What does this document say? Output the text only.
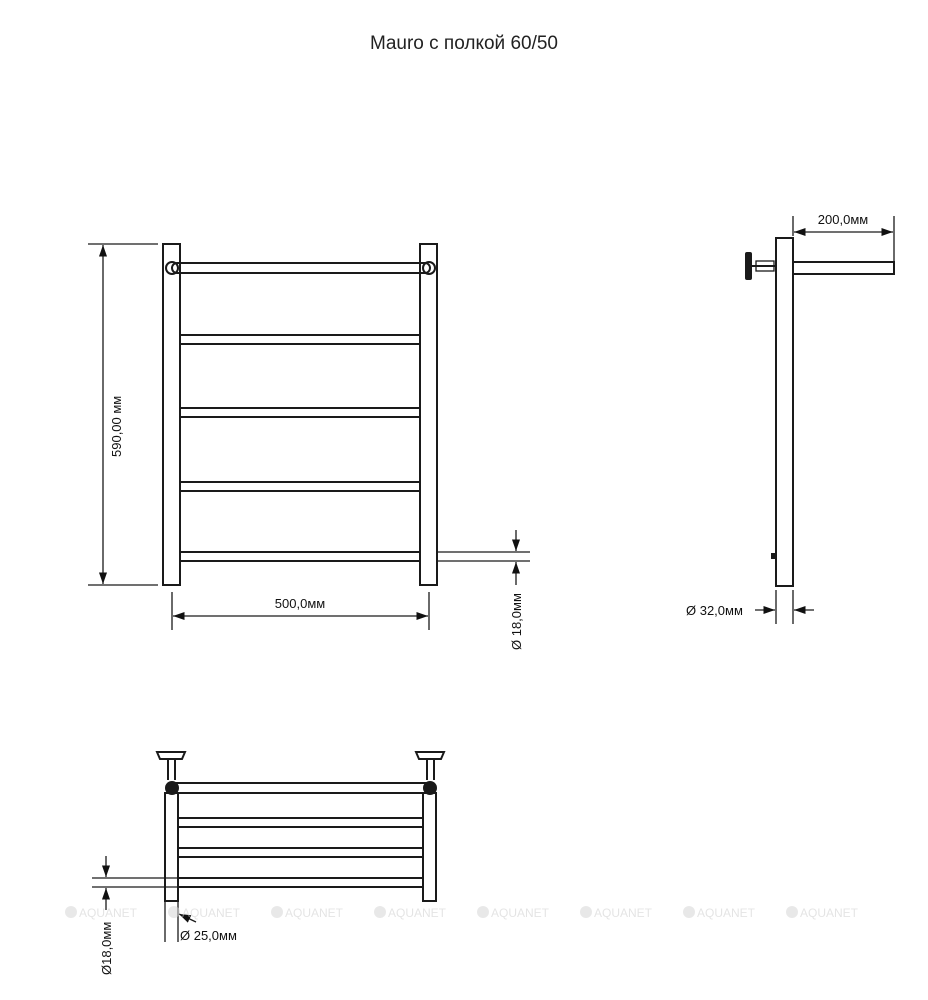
Mauro с полкой 60/50
Ø 18,0мм
590,00 мм
500,0мм
200,0мм
Ø 32,0мм
Ø18,0мм	Ø 25,0мм
AQUANET	AQUANET	AQUANET	AQUANET	AQUANET	AQUANET	AQUANET	AQUANET
